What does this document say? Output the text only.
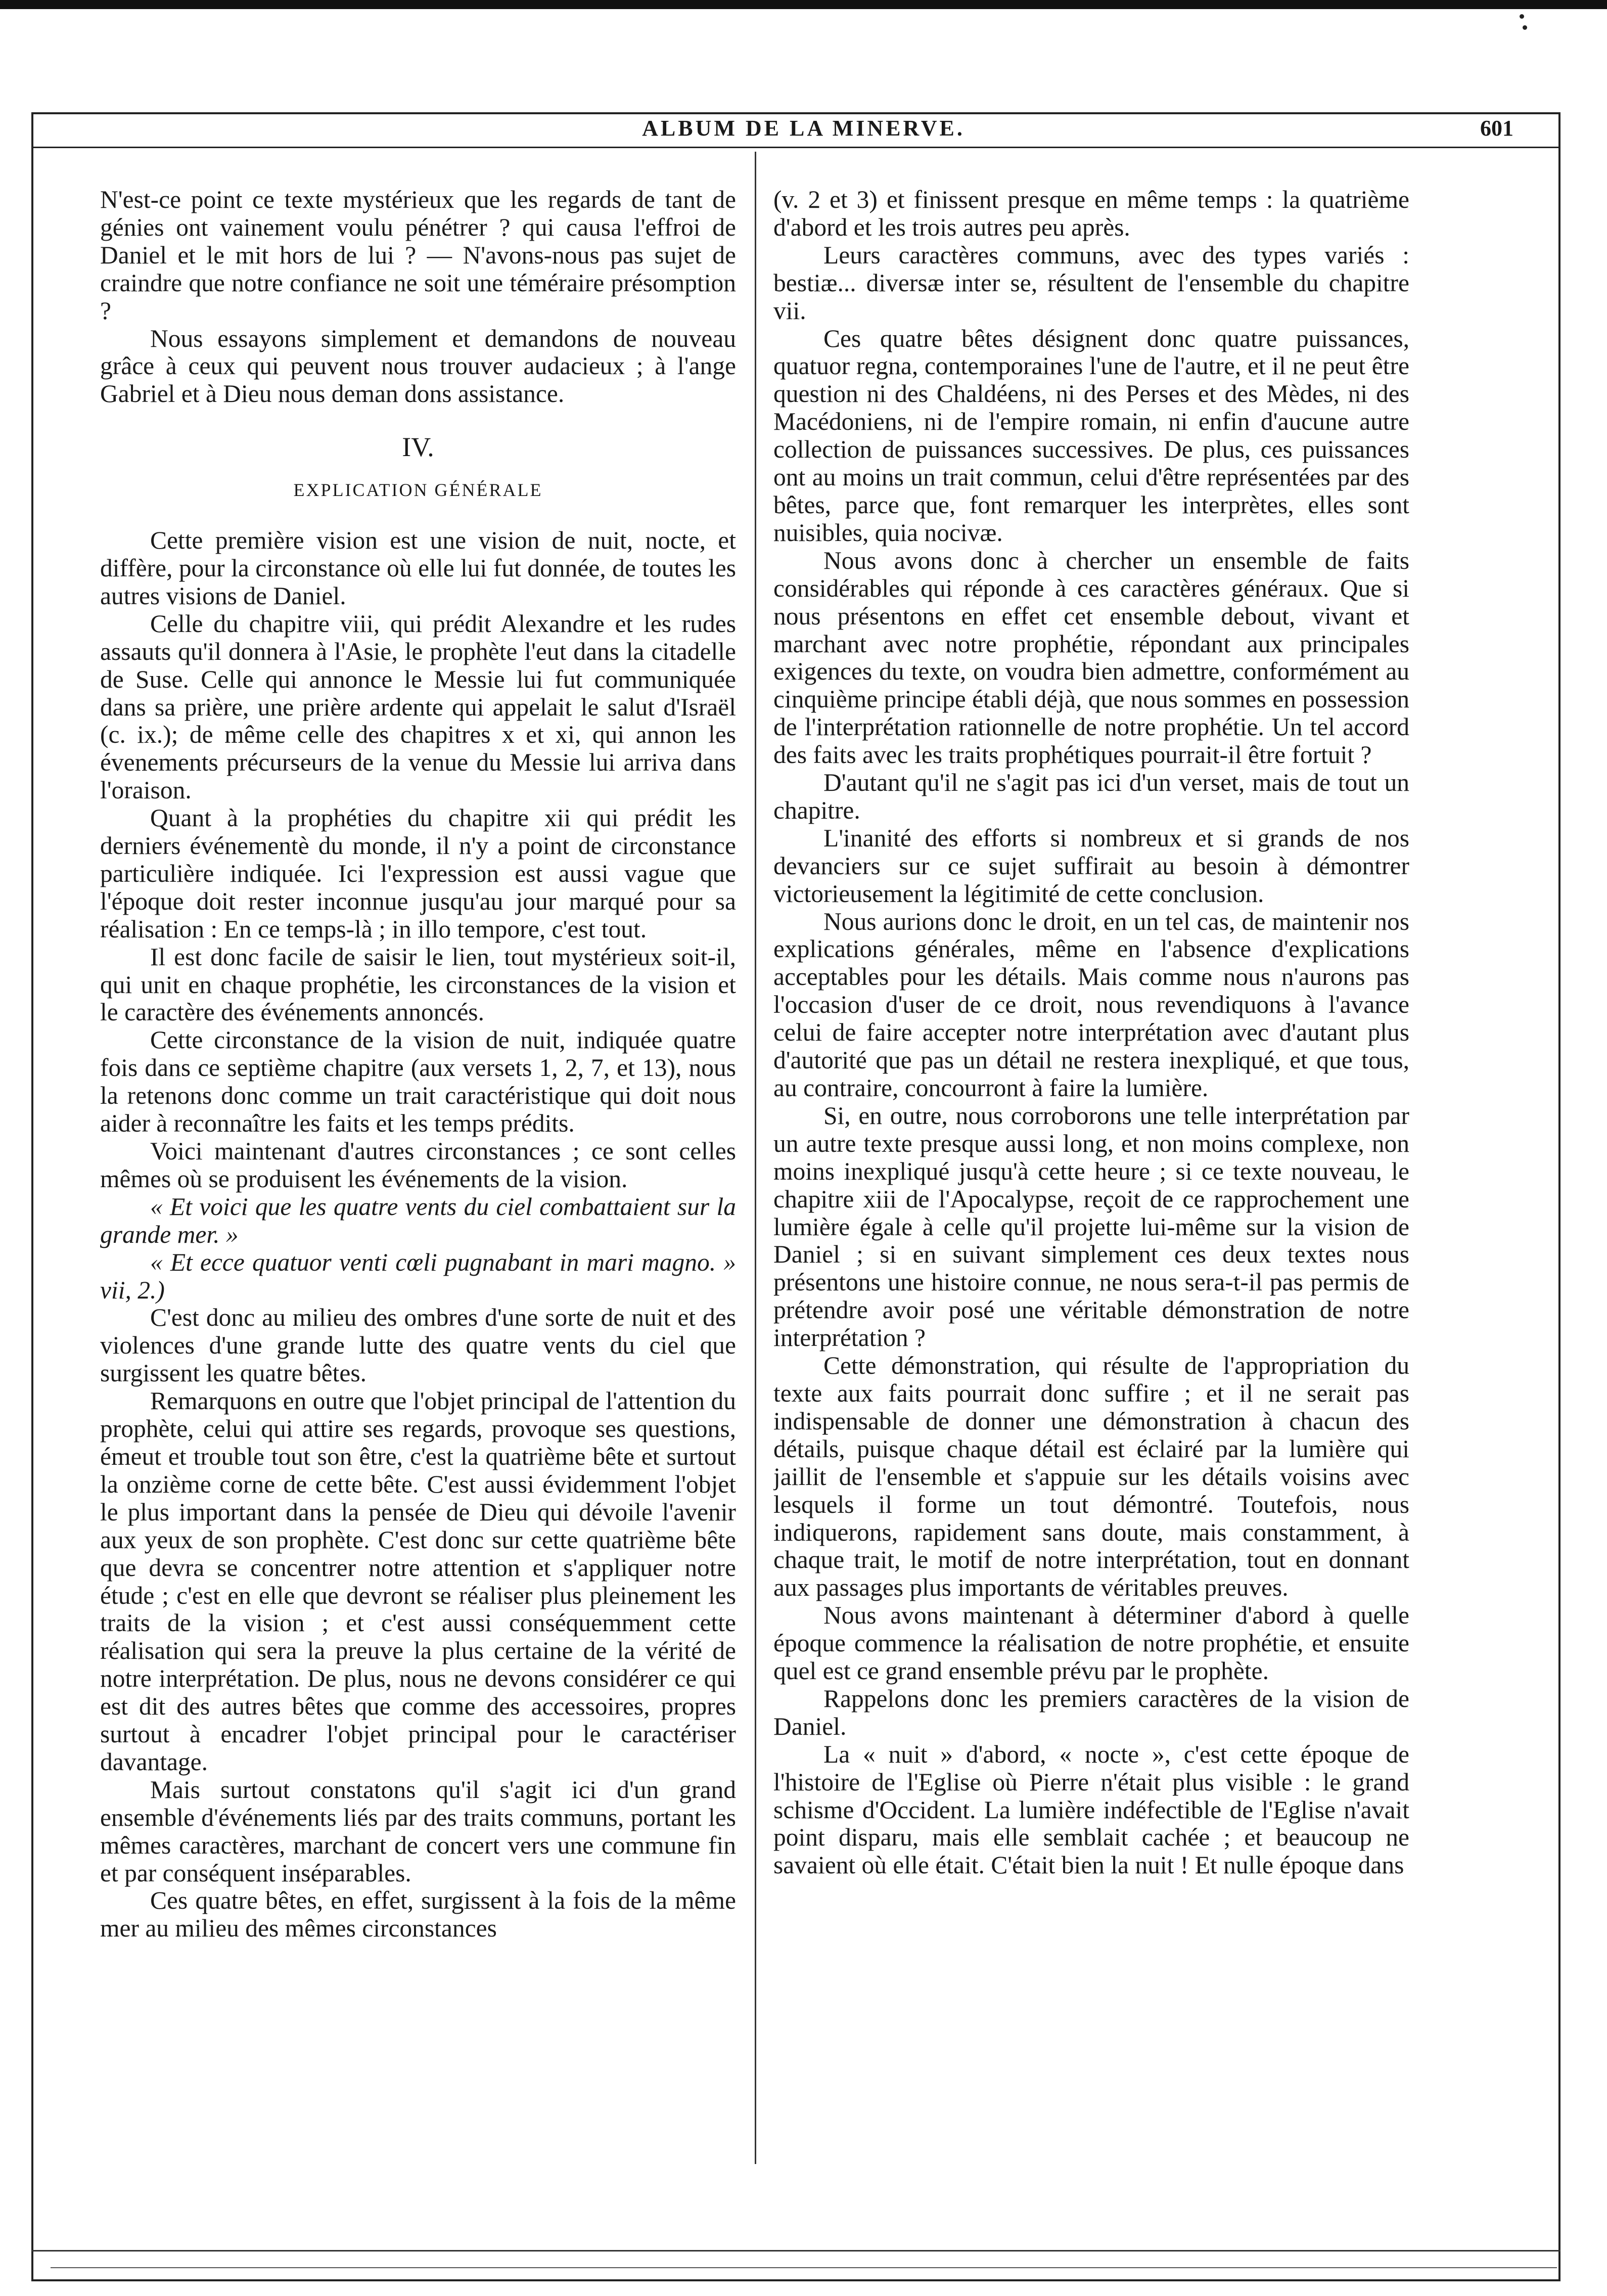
ALBUM DE LA MINERVE.	601

N'est-ce point ce texte mystérieux que les regards de tant de génies ont vainement voulu pénétrer ? qui causa l'effroi de Daniel et le mit hors de lui ? — N'avons-nous pas sujet de craindre que notre confiance ne soit une téméraire présomption ?

Nous essayons simplement et demandons de nouveau grâce à ceux qui peuvent nous trouver audacieux ; à l'ange Gabriel et à Dieu nous deman dons assistance.

IV.
EXPLICATION GÉNÉRALE

Cette première vision est une vision de nuit, nocte, et diffère, pour la circonstance où elle lui fut donnée, de toutes les autres visions de Daniel.

Celle du chapitre viii, qui prédit Alexandre et les rudes assauts qu'il donnera à l'Asie, le prophète l'eut dans la citadelle de Suse. Celle qui annonce le Messie lui fut communiquée dans sa prière, une prière ardente qui appelait le salut d'Israël (c. ix.); de même celle des chapitres x et xi, qui annon les évenements précurseurs de la venue du Messie lui arriva dans l'oraison.

Quant à la prophéties du chapitre xii qui prédit les derniers événementè du monde, il n'y a point de circonstance particulière indiquée. Ici l'expression est aussi vague que l'époque doit rester inconnue jusqu'au jour marqué pour sa réalisation : En ce temps-là ; in illo tempore, c'est tout.

Il est donc facile de saisir le lien, tout mystérieux soit-il, qui unit en chaque prophétie, les circonstances de la vision et le caractère des événements annoncés.

Cette circonstance de la vision de nuit, indiquée quatre fois dans ce septième chapitre (aux versets 1, 2, 7, et 13), nous la retenons donc comme un trait caractéristique qui doit nous aider à reconnaître les faits et les temps prédits.

Voici maintenant d'autres circonstances ; ce sont celles mêmes où se produisent les événements de la vision.

« Et voici que les quatre vents du ciel combattaient sur la grande mer. »

« Et ecce quatuor venti cœli pugnabant in mari magno. » vii, 2.)

C'est donc au milieu des ombres d'une sorte de nuit et des violences d'une grande lutte des quatre vents du ciel que surgissent les quatre bêtes.

Remarquons en outre que l'objet principal de l'attention du prophète, celui qui attire ses regards, provoque ses questions, émeut et trouble tout son être, c'est la quatrième bête et surtout la onzième corne de cette bête. C'est aussi évidemment l'objet le plus important dans la pensée de Dieu qui dévoile l'avenir aux yeux de son prophète. C'est donc sur cette quatrième bête que devra se concentrer notre attention et s'appliquer notre étude ; c'est en elle que devront se réaliser plus pleinement les traits de la vision ; et c'est aussi conséquemment cette réalisation qui sera la preuve la plus certaine de la vérité de notre interprétation. De plus, nous ne devons considérer ce qui est dit des autres bêtes que comme des accessoires, propres surtout à encadrer l'objet principal pour le caractériser davantage.

Mais surtout constatons qu'il s'agit ici d'un grand ensemble d'événements liés par des traits communs, portant les mêmes caractères, marchant de concert vers une commune fin et par conséquent inséparables.

Ces quatre bêtes, en effet, surgissent à la fois de la même mer au milieu des mêmes circonstances

(v. 2 et 3) et finissent presque en même temps : la quatrième d'abord et les trois autres peu après.

Leurs caractères communs, avec des types variés : bestiæ... diversæ inter se, résultent de l'ensemble du chapitre vii.

Ces quatre bêtes désignent donc quatre puissances, quatuor regna, contemporaines l'une de l'autre, et il ne peut être question ni des Chaldéens, ni des Perses et des Mèdes, ni des Macédoniens, ni de l'empire romain, ni enfin d'aucune autre collection de puissances successives. De plus, ces puissances ont au moins un trait commun, celui d'être représentées par des bêtes, parce que, font remarquer les interprètes, elles sont nuisibles, quia nocivæ.

Nous avons donc à chercher un ensemble de faits considérables qui réponde à ces caractères généraux. Que si nous présentons en effet cet ensemble debout, vivant et marchant avec notre prophétie, répondant aux principales exigences du texte, on voudra bien admettre, conformément au cinquième principe établi déjà, que nous sommes en possession de l'interprétation rationnelle de notre prophétie. Un tel accord des faits avec les traits prophétiques pourrait-il être fortuit ?

D'autant qu'il ne s'agit pas ici d'un verset, mais de tout un chapitre.

L'inanité des efforts si nombreux et si grands de nos devanciers sur ce sujet suffirait au besoin à démontrer victorieusement la légitimité de cette conclusion.

Nous aurions donc le droit, en un tel cas, de maintenir nos explications générales, même en l'absence d'explications acceptables pour les détails. Mais comme nous n'aurons pas l'occasion d'user de ce droit, nous revendiquons à l'avance celui de faire accepter notre interprétation avec d'autant plus d'autorité que pas un détail ne restera inexpliqué, et que tous, au contraire, concourront à faire la lumière.

Si, en outre, nous corroborons une telle interprétation par un autre texte presque aussi long, et non moins complexe, non moins inexpliqué jusqu'à cette heure ; si ce texte nouveau, le chapitre xiii de l'Apocalypse, reçoit de ce rapprochement une lumière égale à celle qu'il projette lui-même sur la vision de Daniel ; si en suivant simplement ces deux textes nous présentons une histoire connue, ne nous sera-t-il pas permis de prétendre avoir posé une véritable démonstration de notre interprétation ?

Cette démonstration, qui résulte de l'appropriation du texte aux faits pourrait donc suffire ; et il ne serait pas indispensable de donner une démonstration à chacun des détails, puisque chaque détail est éclairé par la lumière qui jaillit de l'ensemble et s'appuie sur les détails voisins avec lesquels il forme un tout démontré. Toutefois, nous indiquerons, rapidement sans doute, mais constamment, à chaque trait, le motif de notre interprétation, tout en donnant aux passages plus importants de véritables preuves.

Nous avons maintenant à déterminer d'abord à quelle époque commence la réalisation de notre prophétie, et ensuite quel est ce grand ensemble prévu par le prophète.

Rappelons donc les premiers caractères de la vision de Daniel.

La « nuit » d'abord, « nocte », c'est cette époque de l'histoire de l'Eglise où Pierre n'était plus visible : le grand schisme d'Occident. La lumière indéfectible de l'Eglise n'avait point disparu, mais elle semblait cachée ; et beaucoup ne savaient où elle était. C'était bien la nuit ! Et nulle époque dans
